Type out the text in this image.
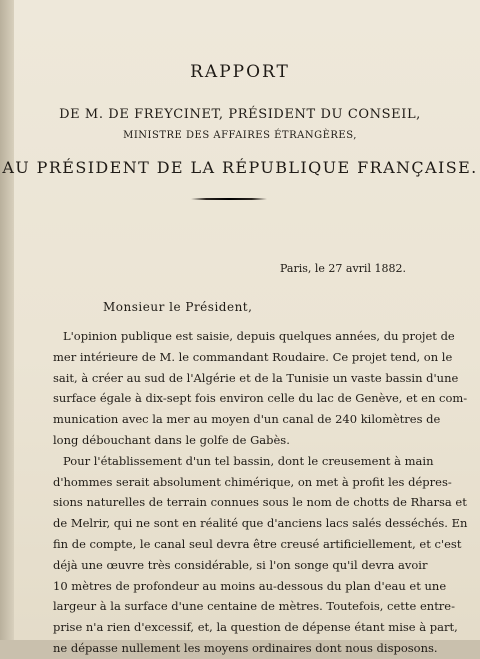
RAPPORT
DE M. DE FREYCINET, PRÉSIDENT DU CONSEIL,
MINISTRE DES AFFAIRES ÉTRANGÈRES,
AU PRÉSIDENT DE LA RÉPUBLIQUE FRANÇAISE.
Paris, le 27 avril 1882.
Monsieur le Président,
L'opinion publique est saisie, depuis quelques années, du projet de
mer intérieure de M. le commandant Roudaire. Ce projet tend, on le
sait, à créer au sud de l'Algérie et de la Tunisie un vaste bassin d'une
surface égale à dix-sept fois environ celle du lac de Genève, et en com-
munication avec la mer au moyen d'un canal de 240 kilomètres de
long débouchant dans le golfe de Gabès.
Pour l'établissement d'un tel bassin, dont le creusement à main
d'hommes serait absolument chimérique, on met à profit les dépres-
sions naturelles de terrain connues sous le nom de chotts de Rharsa et
de Melrir, qui ne sont en réalité que d'anciens lacs salés desséchés. En
fin de compte, le canal seul devra être creusé artificiellement, et c'est
déjà une œuvre très considérable, si l'on songe qu'il devra avoir
10 mètres de profondeur au moins au-dessous du plan d'eau et une
largeur à la surface d'une centaine de mètres. Toutefois, cette entre-
prise n'a rien d'excessif, et, la question de dépense étant mise à part,
ne dépasse nullement les moyens ordinaires dont nous disposons.
